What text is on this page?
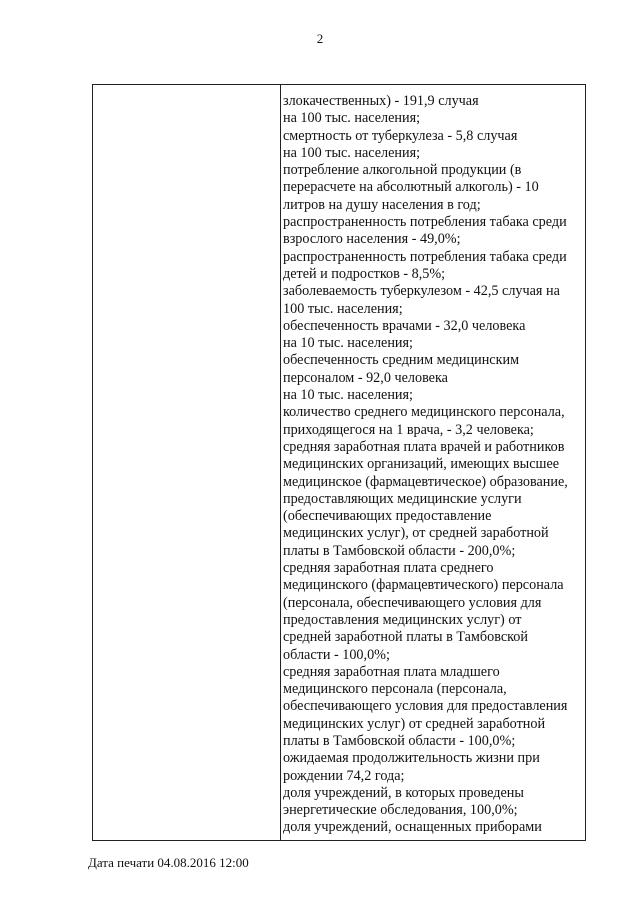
2
злокачественных) - 191,9 случая
на 100 тыс. населения;
смертность от туберкулеза - 5,8 случая
на 100 тыс. населения;
потребление алкогольной продукции (в
перерасчете на абсолютный алкоголь) - 10
литров на душу населения в год;
распространенность потребления табака среди
взрослого населения - 49,0%;
распространенность потребления табака среди
детей и подростков - 8,5%;
заболеваемость туберкулезом - 42,5 случая на
100 тыс. населения;
обеспеченность врачами - 32,0 человека
на 10 тыс. населения;
обеспеченность средним медицинским
персоналом - 92,0 человека
на 10 тыс. населения;
количество среднего медицинского персонала,
приходящегося на 1 врача, - 3,2 человека;
средняя заработная плата врачей и работников
медицинских организаций, имеющих высшее
медицинское (фармацевтическое) образование,
предоставляющих медицинские услуги
(обеспечивающих предоставление
медицинских услуг), от средней заработной
платы в Тамбовской области - 200,0%;
средняя заработная плата среднего
медицинского (фармацевтического) персонала
(персонала, обеспечивающего условия для
предоставления медицинских услуг) от
средней заработной платы в Тамбовской
области - 100,0%;
средняя заработная плата младшего
медицинского персонала (персонала,
обеспечивающего условия для предоставления
медицинских услуг) от средней заработной
платы в Тамбовской области - 100,0%;
ожидаемая продолжительность жизни при
рождении 74,2 года;
доля учреждений, в которых проведены
энергетические обследования, 100,0%;
доля учреждений, оснащенных приборами
Дата печати 04.08.2016 12:00
